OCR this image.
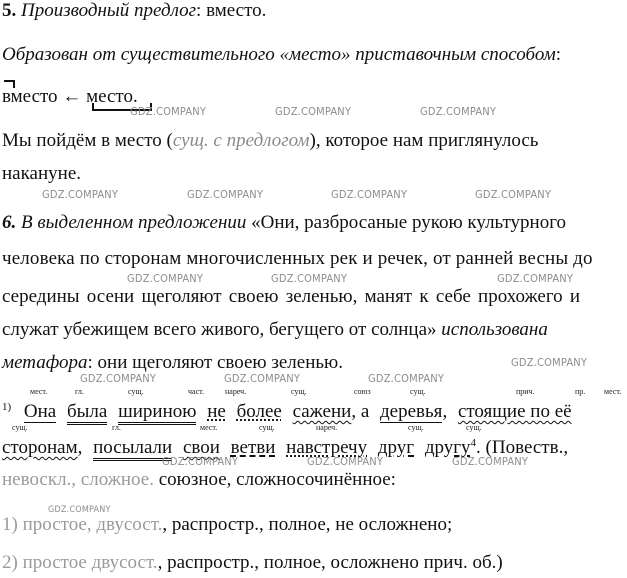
5. Производный предлог: вместо.
Образован от существительного «место» приставочным способом:
вместо ← место.
Мы пойдём в место (сущ. с предлогом), которое нам приглянулось
накануне.
6. В выделенном предложении «Они, разбросаные рукою культурного
человека по сторонам многочисленных рек и речек, от ранней весны до
середины осени щеголяют своею зеленью, манят к себе прохожего и
служат убежищем всего живого, бегущего от солнца» использована
метафора: они щеголяют своею зеленью.
мест.	гл.	сущ.	част.	нареч.	сущ.	союз	сущ.	прич.	пр. мест.
$^{1)}$ Она была шириною не более сажени, а деревья, стоящие по её
сущ.	гл.	мест.	сущ.	нареч.	сущ.	сущ.
сторонам, посылали свои ветви навстречу друг другу$^4$. (Повеств.,
невоскл., сложное. союзное, сложносочинённое:
1) простое, двусост., распростр., полное, не осложнено;
2) простое двусост., распростр., полное, осложнено прич. об.)
GDZ.COMPANY	GDZ.COMPANY	GDZ.COMPANY
GDZ.COMPANY	GDZ.COMPANY	GDZ.COMPANY	GDZ.COMPANY
GDZ.COMPANY	GDZ.COMPANY	GDZ.COMPANY
GDZ.COMPANY
GDZ.COMPANY	GDZ.COMPANY	GDZ.COMPANY
GDZ.COMPANY	GDZ.COMPANY	GDZ.COMPANY
GDZ.COMPANY
